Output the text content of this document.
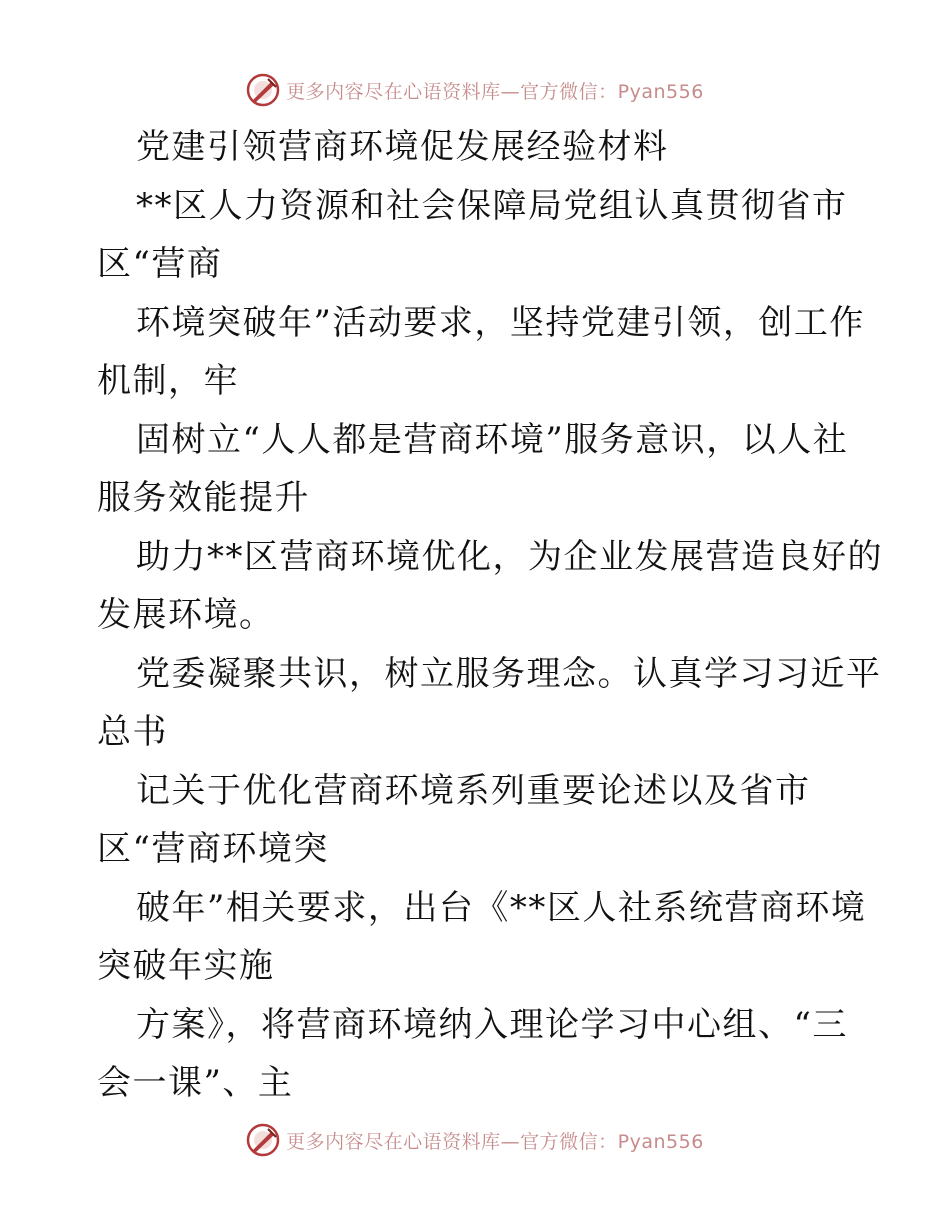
更多内容尽在心语资料库—官方微信：Pyan556
党建引领营商环境促发展经验材料
**区人力资源和社会保障局党组认真贯彻省市
区“营商
环境突破年”活动要求，坚持党建引领，创工作
机制，牢
固树立“人人都是营商环境”服务意识，以人社
服务效能提升
助力**区营商环境优化，为企业发展营造良好的
发展环境。
党委凝聚共识，树立服务理念。认真学习习近平
总书
记关于优化营商环境系列重要论述以及省市
区“营商环境突
破年”相关要求，出台《**区人社系统营商环境
突破年实施
方案》，将营商环境纳入理论学习中心组、“三
会一课”、主
更多内容尽在心语资料库—官方微信：Pyan556
